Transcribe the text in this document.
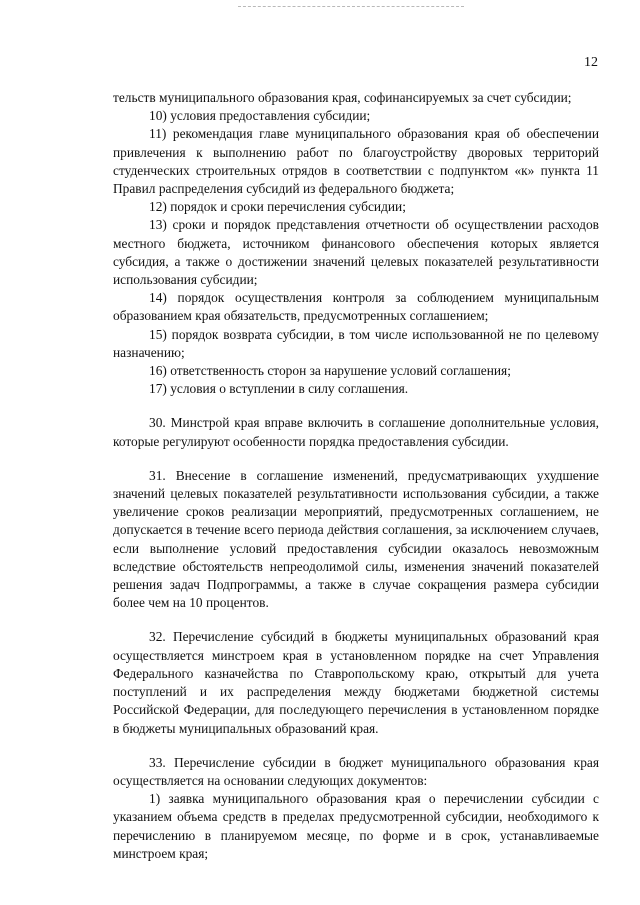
12

тельств муниципального образования края, софинансируемых за счет субсидии;

10) условия предоставления субсидии;

11) рекомендация главе муниципального образования края об обеспечении привлечения к выполнению работ по благоустройству дворовых территорий студенческих строительных отрядов в соответствии с подпунктом «к» пункта 11 Правил распределения субсидий из федерального бюджета;

12) порядок и сроки перечисления субсидии;

13) сроки и порядок представления отчетности об осуществлении расходов местного бюджета, источником финансового обеспечения которых является субсидия, а также о достижении значений целевых показателей результативности использования субсидии;

14) порядок осуществления контроля за соблюдением муниципальным образованием края обязательств, предусмотренных соглашением;

15) порядок возврата субсидии, в том числе использованной не по целевому назначению;

16) ответственность сторон за нарушение условий соглашения;

17) условия о вступлении в силу соглашения.

30. Минстрой края вправе включить в соглашение дополнительные условия, которые регулируют особенности порядка предоставления субсидии.

31. Внесение в соглашение изменений, предусматривающих ухудшение значений целевых показателей результативности использования субсидии, а также увеличение сроков реализации мероприятий, предусмотренных соглашением, не допускается в течение всего периода действия соглашения, за исключением случаев, если выполнение условий предоставления субсидии оказалось невозможным вследствие обстоятельств непреодолимой силы, изменения значений показателей решения задач Подпрограммы, а также в случае сокращения размера субсидии более чем на 10 процентов.

32. Перечисление субсидий в бюджеты муниципальных образований края осуществляется минстроем края в установленном порядке на счет Управления Федерального казначейства по Ставропольскому краю, открытый для учета поступлений и их распределения между бюджетами бюджетной системы Российской Федерации, для последующего перечисления в установленном порядке в бюджеты муниципальных образований края.

33. Перечисление субсидии в бюджет муниципального образования края осуществляется на основании следующих документов:

1) заявка муниципального образования края о перечислении субсидии с указанием объема средств в пределах предусмотренной субсидии, необходимого к перечислению в планируемом месяце, по форме и в срок, устанавливаемые минстроем края;
